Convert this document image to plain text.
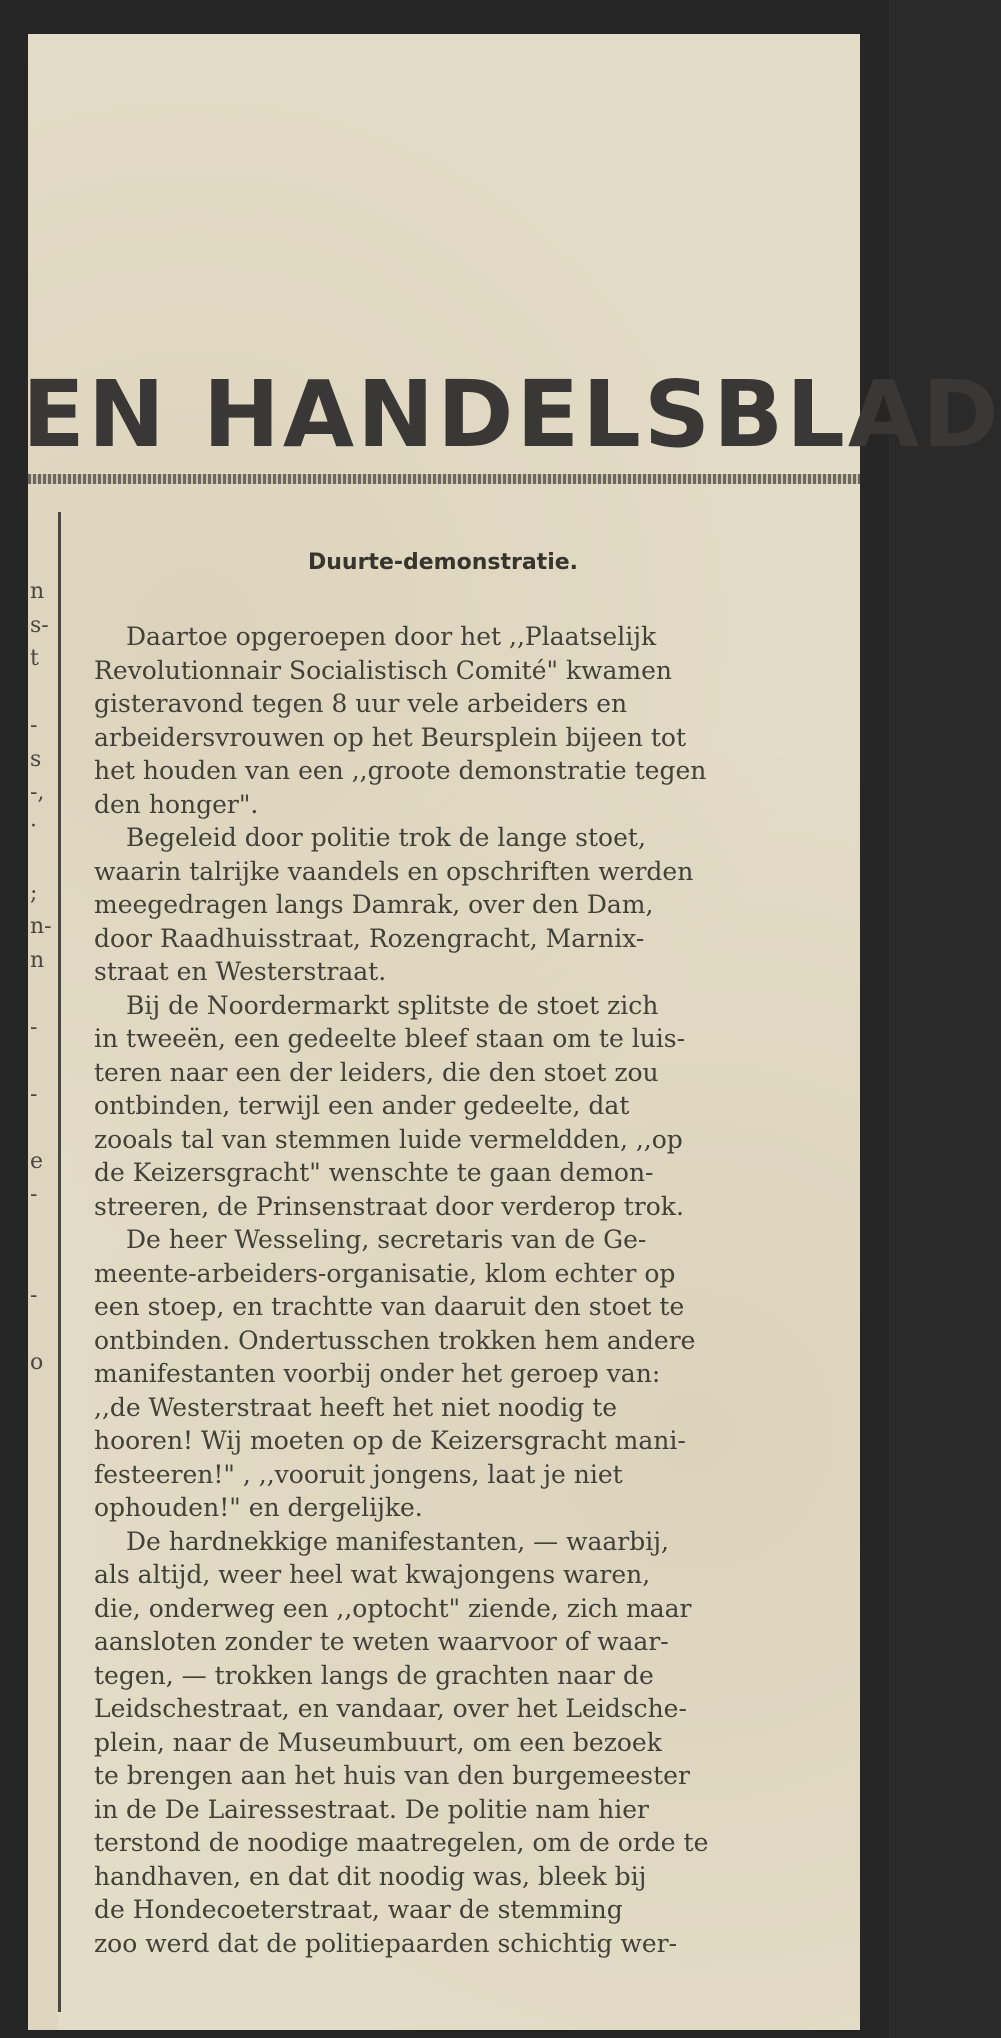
EN HANDELSBLAD
n
s-
t
-
s
-,
·
;
n-
n
-
-
e
-
-
o
Duurte-demonstratie.
Daartoe opgeroepen door het ,,Plaatselijk
Revolutionnair Socialistisch Comité" kwamen
gisteravond tegen 8 uur vele arbeiders en
arbeidersvrouwen op het Beursplein bijeen tot
het houden van een ,,groote demonstratie tegen
den honger".
Begeleid door politie trok de lange stoet,
waarin talrijke vaandels en opschriften werden
meegedragen langs Damrak, over den Dam,
door Raadhuisstraat, Rozengracht, Marnix-
straat en Westerstraat.
Bij de Noordermarkt splitste de stoet zich
in tweeën, een gedeelte bleef staan om te luis-
teren naar een der leiders, die den stoet zou
ontbinden, terwijl een ander gedeelte, dat
zooals tal van stemmen luide vermeldden, ,,op
de Keizersgracht" wenschte te gaan demon-
streeren, de Prinsenstraat door verderop trok.
De heer Wesseling, secretaris van de Ge-
meente-arbeiders-organisatie, klom echter op
een stoep, en trachtte van daaruit den stoet te
ontbinden. Ondertusschen trokken hem andere
manifestanten voorbij onder het geroep van:
,,de Westerstraat heeft het niet noodig te
hooren! Wij moeten op de Keizersgracht mani-
festeeren!" , ,,vooruit jongens, laat je niet
ophouden!" en dergelijke.
De hardnekkige manifestanten, — waarbij,
als altijd, weer heel wat kwajongens waren,
die, onderweg een ,,optocht" ziende, zich maar
aansloten zonder te weten waarvoor of waar-
tegen, — trokken langs de grachten naar de
Leidschestraat, en vandaar, over het Leidsche-
plein, naar de Museumbuurt, om een bezoek
te brengen aan het huis van den burgemeester
in de De Lairessestraat. De politie nam hier
terstond de noodige maatregelen, om de orde te
handhaven, en dat dit noodig was, bleek bij
de Hondecoeterstraat, waar de stemming
zoo werd dat de politiepaarden schichtig wer-
